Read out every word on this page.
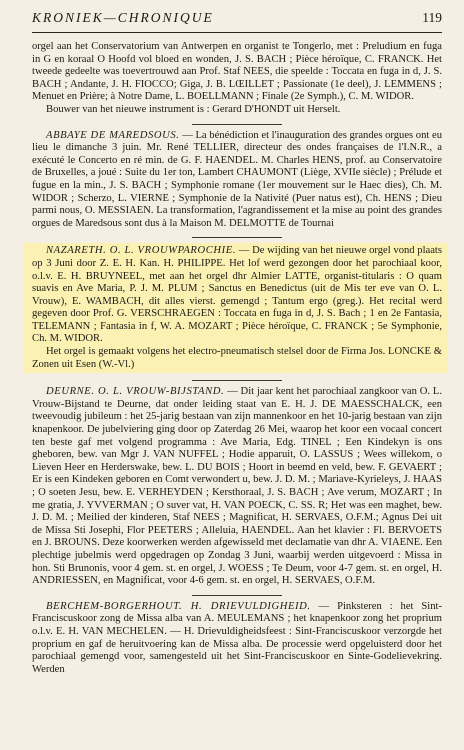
KRONIEK—CHRONIQUE	119

orgel aan het Conservatorium van Antwerpen en organist te Tongerlo, met : Preludium en fuga in G en koraal O Hoofd vol bloed en wonden, J. S. BACH ; Pièce héroïque, C. FRANCK. Het tweede gedeelte was toevertrouwd aan Prof. Staf NEES, die speelde : Toccata en fuga in d, J. S. BACH ; Andante, J. H. FIOCCO; Giga, J. B. LŒILLET ; Passionate (1e deel), J. LEMMENS ; Menuet en Prière; à Notre Dame, L. BOELLMANN ; Finale (2e Symph.), C. M. WIDOR.

Bouwer van het nieuwe instrument is : Gerard D'HONDT uit Herselt.

ABBAYE DE MAREDSOUS. — La bénédiction et l'inauguration des grandes orgues ont eu lieu le dimanche 3 juin. Mr. René TELLIER, directeur des ondes françaises de l'I.N.R., a exécuté le Concerto en ré min. de G. F. HAENDEL. M. Charles HENS, prof. au Conservatoire de Bruxelles, a joué : Suite du 1er ton, Lambert CHAUMONT (Liège, XVIIe siècle) ; Prélude et fugue en la min., J. S. BACH ; Symphonie romane (1er mouvement sur le Haec dies), Ch. M. WIDOR ; Scherzo, L. VIERNE ; Symphonie de la Nativité (Puer natus est), Ch. HENS ; Dieu parmi nous, O. MESSIAEN. La transformation, l'agrandissement et la mise au point des grandes orgues de Maredsous sont dus à la Maison M. DELMOTTE de Tournai

NAZARETH. O. L. VROUWPAROCHIE. — De wijding van het nieuwe orgel vond plaats op 3 Juni door Z. E. H. Kan. H. PHILIPPE. Het lof werd gezongen door het parochiaal koor, o.l.v. E. H. BRUYNEEL, met aan het orgel dhr Almier LATTE, organist-titularis : O quam suavis en Ave Maria, P. J. M. PLUM ; Sanctus en Benedictus (uit de Mis ter eve van O. L. Vrouw), E. WAMBACH, dit alles vierst. gemengd ; Tantum ergo (greg.). Het recital werd gegeven door Prof. G. VERSCHRAEGEN : Toccata en fuga in d, J. S. Bach ; 1 en 2e Fantasia, TELEMANN ; Fantasia in f, W. A. MOZART ; Pièce héroïque, C. FRANCK ; 5e Symphonie, Ch. M. WIDOR.

Het orgel is gemaakt volgens het electro-pneumatisch stelsel door de Firma Jos. LONCKE & Zonen uit Esen (W.-Vl.)

DEURNE. O. L. VROUW-BIJSTAND. — Dit jaar kent het parochiaal zangkoor van O. L. Vrouw-Bijstand te Deurne, dat onder leiding staat van E. H. J. DE MAESSCHALCK, een tweevoudig jubileum : het 25-jarig bestaan van zijn mannenkoor en het 10-jarig bestaan van zijn knapenkoor. De jubelviering ging door op Zaterdag 26 Mei, waarop het koor een vocaal concert ten beste gaf met volgend programma : Ave Maria, Edg. TINEL ; Een Kindekyn is ons gheboren, bew. van Mgr J. VAN NUFFEL ; Hodie apparuit, O. LASSUS ; Wees willekom, o Lieven Heer en Herderswake, bew. L. DU BOIS ; Hoort in beemd en veld, bew. F. GEVAERT ; Er is een Kindeken geboren en Comt verwondert u, bew. J. D. M. ; Mariave-Kyrieleys, J. HAAS ; O soeten Jesu, bew. E. VERHEYDEN ; Kersthoraal, J. S. BACH ; Ave verum, MOZART ; In me gratia, J. YVVERMAN ; O suver vat, H. VAN POECK, C. SS. R; Het was een maghet, bew. J. D. M. ; Meilied der kinderen, Staf NEES ; Magnificat, H. SERVAES, O.F.M.; Agnus Dei uit de Missa Sti Josephi, Flor PEETERS ; Alleluia, HAENDEL. Aan het klavier : Fl. BERVOETS en J. BROUNS. Deze koorwerken werden afgewisseld met declamatie van dhr A. VIAENE. Een plechtige jubelmis werd opgedragen op Zondag 3 Juni, waarbij werden uitgevoerd : Missa in hon. Sti Brunonis, voor 4 gem. st. en orgel, J. WOESS ; Te Deum, voor 4-7 gem. st. en orgel, H. ANDRIESSEN, en Magnificat, voor 4-6 gem. st. en orgel, H. SERVAES, O.F.M.

BERCHEM-BORGERHOUT. H. DRIEVULDIGHEID. — Pinksteren : het Sint-Franciscuskoor zong de Missa alba van A. MEULEMANS ; het knapenkoor zong het proprium o.l.v. E. H. VAN MECHELEN. — H. Drievuldigheidsfeest : Sint-Franciscuskoor verzorgde het proprium en gaf de heruitvoering kan de Missa alba. De processie werd opgeluisterd door het parochiaal gemengd voor, samengesteld uit het Sint-Franciscuskoor en Sinte-Godelievekring. Werden
